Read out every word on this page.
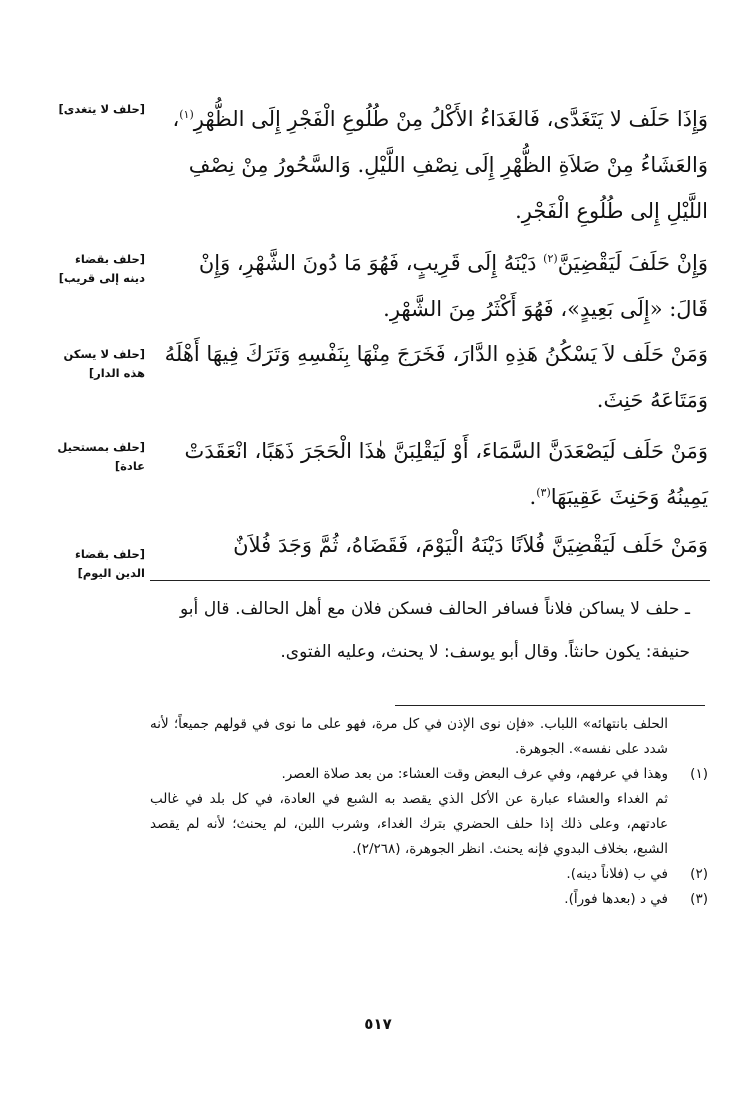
[حلف لا يتغدى]
[حلف بقضاء دينه إلى قريب]
[حلف لا يسكن هذه الدار]
[حلف بمستحيل عادة]
[حلف بقضاء الدين اليوم]

وَإِذَا حَلَف لا يَتَغَدَّى، فَالغَدَاءُ الأَكْلُ مِنْ طُلُوعِ الْفَجْرِ إِلَى الظُّهْرِ$^{(١)}$، وَالعَشَاءُ مِنْ صَلاَةِ الظُّهْرِ إِلَى نِصْفِ اللَّيْلِ. وَالسَّحُورُ مِنْ نِصْفِ اللَّيْلِ إِلى طُلُوعِ الْفَجْرِ.

وَإِنْ حَلَفَ لَيَقْضِيَنَّ$^{(٢)}$ دَيْنَهُ إِلَى قَرِيبٍ، فَهُوَ مَا دُونَ الشَّهْرِ، وَإِنْ قَالَ: «إِلَى بَعِيدٍ»، فَهُوَ أَكْثَرُ مِنَ الشَّهْرِ.

وَمَنْ حَلَف لاَ يَسْكُنُ هَذِهِ الدَّارَ، فَخَرَجَ مِنْهَا بِنَفْسِهِ وَتَرَكَ فِيهَا أَهْلَهُ وَمَتَاعَهُ حَنِثَ.

وَمَنْ حَلَف لَيَصْعَدَنَّ السَّمَاءَ، أَوْ لَيَقْلِبَنَّ هٰذَا الْحَجَرَ ذَهَبًا، انْعَقَدَتْ يَمِينُهُ وَحَنِثَ عَقِيبَهَا$^{(٣)}$.

وَمَنْ حَلَف لَيَقْضِيَنَّ فُلاَنًا دَيْنَهُ الْيَوْمَ، فَقَضَاهُ، ثُمَّ وَجَدَ فُلاَنٌ

ـ حلف لا يساكن فلاناً فسافر الحالف فسكن فلان مع أهل الحالف. قال أبو حنيفة: يكون حانثاً. وقال أبو يوسف: لا يحنث، وعليه الفتوى.
الحلف بانتهائه» اللباب. «فإن نوى الإذن في كل مرة، فهو على ما نوى في قولهم جميعاً؛ لأنه شدد على نفسه». الجوهرة.
(١)
وهذا في عرفهم، وفي عرف البعض وقت العشاء: من بعد صلاة العصر.
ثم الغداء والعشاء عبارة عن الأكل الذي يقصد به الشبع في العادة، في كل بلد في غالب عادتهم، وعلى ذلك إذا حلف الحضري بترك الغداء، وشرب اللبن، لم يحنث؛ لأنه لم يقصد الشبع، بخلاف البدوي فإنه يحنث. انظر الجوهرة، (٢/٢٦٨).
(٢)
في ب (فلاناً دينه).
(٣)
في د (بعدها فوراً).
٥١٧
